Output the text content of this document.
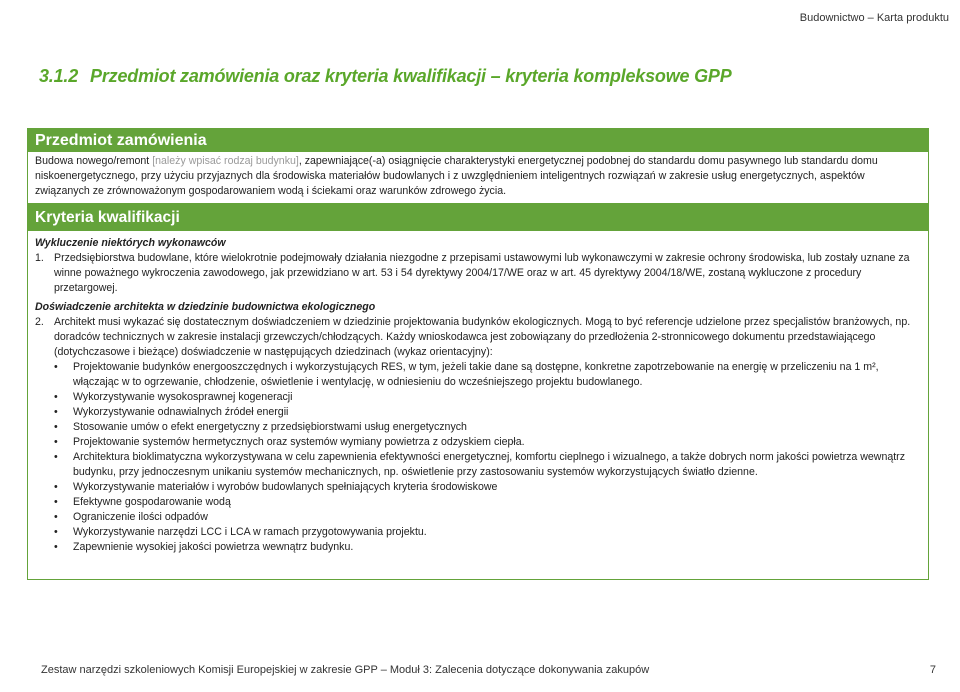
Budownictwo – Karta produktu
3.1.2 Przedmiot zamówienia oraz kryteria kwalifikacji – kryteria kompleksowe GPP
Przedmiot zamówienia
Budowa nowego/remont [należy wpisać rodzaj budynku], zapewniające(-a) osiągnięcie charakterystyki energetycznej podobnej do standardu domu pasywnego lub standardu domu niskoenergetycznego, przy użyciu przyjaznych dla środowiska materiałów budowlanych i z uwzględnieniem inteligentnych rozwiązań w zakresie usług energetycznych, aspektów związanych ze zrównoważonym gospodarowaniem wodą i ściekami oraz warunków zdrowego życia.
Kryteria kwalifikacji
Wykluczenie niektórych wykonawców
1. Przedsiębiorstwa budowlane, które wielokrotnie podejmowały działania niezgodne z przepisami ustawowymi lub wykonawczymi w zakresie ochrony środowiska, lub zostały uznane za winne poważnego wykroczenia zawodowego, jak przewidziano w art. 53 i 54 dyrektywy 2004/17/WE oraz w art. 45 dyrektywy 2004/18/WE, zostaną wykluczone z procedury przetargowej.
Doświadczenie architekta w dziedzinie budownictwa ekologicznego
2. Architekt musi wykazać się dostatecznym doświadczeniem w dziedzinie projektowania budynków ekologicznych. Mogą to być referencje udzielone przez specjalistów branżowych, np. doradców technicznych w zakresie instalacji grzewczych/chłodzących. Każdy wnioskodawca jest zobowiązany do przedłożenia 2-stronnicowego dokumentu przedstawiającego (dotychczasowe i bieżące) doświadczenie w następujących dziedzinach (wykaz orientacyjny):
•	Projektowanie budynków energooszczędnych i wykorzystujących RES, w tym, jeżeli takie dane są dostępne, konkretne zapotrzebowanie na energię w przeliczeniu na 1 m², włączając w to ogrzewanie, chłodzenie, oświetlenie i wentylację, w odniesieniu do wcześniejszego projektu budowlanego.
•	Wykorzystywanie wysokosprawnej kogeneracji
•	Wykorzystywanie odnawialnych źródeł energii
•	Stosowanie umów o efekt energetyczny z przedsiębiorstwami usług energetycznych
•	Projektowanie systemów hermetycznych oraz systemów wymiany powietrza z odzyskiem ciepła.
•	Architektura bioklimatyczna wykorzystywana w celu zapewnienia efektywności energetycznej, komfortu cieplnego i wizualnego, a także dobrych norm jakości powietrza wewnątrz budynku, przy jednoczesnym unikaniu systemów mechanicznych, np. oświetlenie przy zastosowaniu systemów wykorzystujących światło dzienne.
•	Wykorzystywanie materiałów i wyrobów budowlanych spełniających kryteria środowiskowe
•	Efektywne gospodarowanie wodą
•	Ograniczenie ilości odpadów
•	Wykorzystywanie narzędzi LCC i LCA w ramach przygotowywania projektu.
•	Zapewnienie wysokiej jakości powietrza wewnątrz budynku.
Zestaw narzędzi szkoleniowych Komisji Europejskiej w zakresie GPP – Moduł 3: Zalecenia dotyczące dokonywania zakupów	7
